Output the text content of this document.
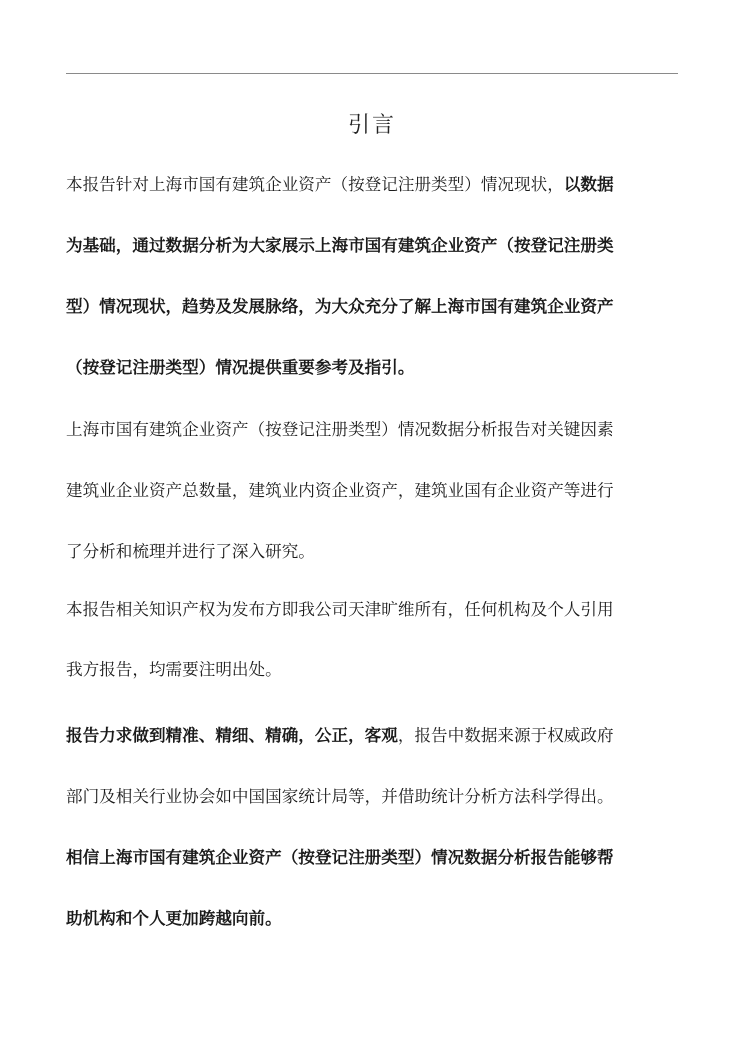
引言
本报告针对上海市国有建筑企业资产（按登记注册类型）情况现状，以数据
为基础，通过数据分析为大家展示上海市国有建筑企业资产（按登记注册类
型）情况现状，趋势及发展脉络，为大众充分了解上海市国有建筑企业资产
（按登记注册类型）情况提供重要参考及指引。
上海市国有建筑企业资产（按登记注册类型）情况数据分析报告对关键因素
建筑业企业资产总数量，建筑业内资企业资产，建筑业国有企业资产等进行
了分析和梳理并进行了深入研究。
本报告相关知识产权为发布方即我公司天津旷维所有，任何机构及个人引用
我方报告，均需要注明出处。
报告力求做到精准、精细、精确，公正，客观，报告中数据来源于权威政府
部门及相关行业协会如中国国家统计局等，并借助统计分析方法科学得出。
相信上海市国有建筑企业资产（按登记注册类型）情况数据分析报告能够帮
助机构和个人更加跨越向前。
